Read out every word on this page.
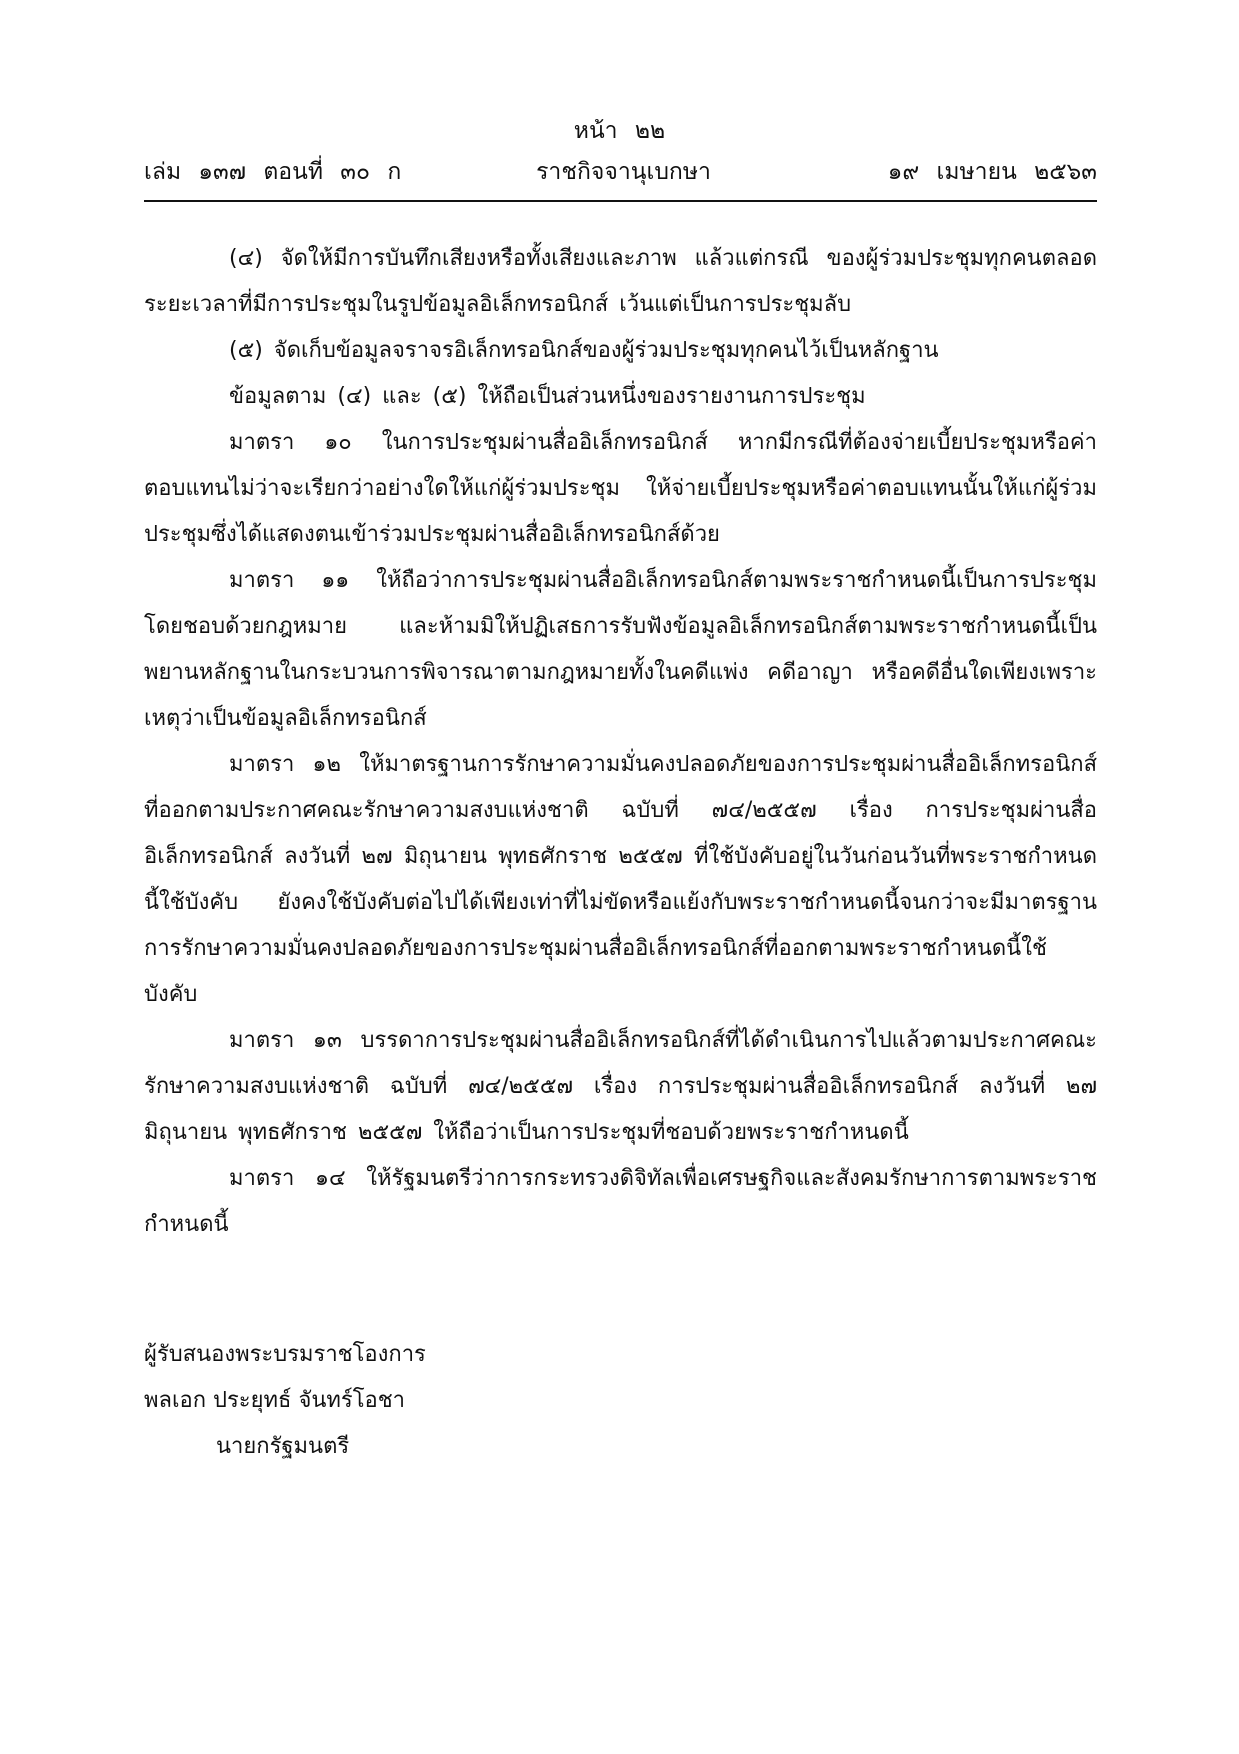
หน้า ๒๒
เล่ม ๑๓๗ ตอนที่ ๓๐ ก	ราชกิจจานุเบกษา	๑๙ เมษายน ๒๕๖๓

(๔) จัดให้มีการบันทึกเสียงหรือทั้งเสียงและภาพ แล้วแต่กรณี ของผู้ร่วมประชุมทุกคนตลอดระยะเวลาที่มีการประชุมในรูปข้อมูลอิเล็กทรอนิกส์ เว้นแต่เป็นการประชุมลับ

(๕) จัดเก็บข้อมูลจราจรอิเล็กทรอนิกส์ของผู้ร่วมประชุมทุกคนไว้เป็นหลักฐาน

ข้อมูลตาม (๔) และ (๕) ให้ถือเป็นส่วนหนึ่งของรายงานการประชุม

มาตรา ๑๐ ในการประชุมผ่านสื่ออิเล็กทรอนิกส์ หากมีกรณีที่ต้องจ่ายเบี้ยประชุมหรือค่าตอบแทนไม่ว่าจะเรียกว่าอย่างใดให้แก่ผู้ร่วมประชุม ให้จ่ายเบี้ยประชุมหรือค่าตอบแทนนั้นให้แก่ผู้ร่วมประชุมซึ่งได้แสดงตนเข้าร่วมประชุมผ่านสื่ออิเล็กทรอนิกส์ด้วย

มาตรา ๑๑ ให้ถือว่าการประชุมผ่านสื่ออิเล็กทรอนิกส์ตามพระราชกำหนดนี้เป็นการประชุมโดยชอบด้วยกฎหมาย และห้ามมิให้ปฏิเสธการรับฟังข้อมูลอิเล็กทรอนิกส์ตามพระราชกำหนดนี้เป็นพยานหลักฐานในกระบวนการพิจารณาตามกฎหมายทั้งในคดีแพ่ง คดีอาญา หรือคดีอื่นใดเพียงเพราะเหตุว่าเป็นข้อมูลอิเล็กทรอนิกส์

มาตรา ๑๒ ให้มาตรฐานการรักษาความมั่นคงปลอดภัยของการประชุมผ่านสื่ออิเล็กทรอนิกส์ที่ออกตามประกาศคณะรักษาความสงบแห่งชาติ ฉบับที่ ๗๔/๒๕๕๗ เรื่อง การประชุมผ่านสื่ออิเล็กทรอนิกส์ ลงวันที่ ๒๗ มิถุนายน พุทธศักราช ๒๕๕๗ ที่ใช้บังคับอยู่ในวันก่อนวันที่พระราชกำหนดนี้ใช้บังคับ ยังคงใช้บังคับต่อไปได้เพียงเท่าที่ไม่ขัดหรือแย้งกับพระราชกำหนดนี้จนกว่าจะมีมาตรฐานการรักษาความมั่นคงปลอดภัยของการประชุมผ่านสื่ออิเล็กทรอนิกส์ที่ออกตามพระราชกำหนดนี้ใช้บังคับ

มาตรา ๑๓ บรรดาการประชุมผ่านสื่ออิเล็กทรอนิกส์ที่ได้ดำเนินการไปแล้วตามประกาศคณะรักษาความสงบแห่งชาติ ฉบับที่ ๗๔/๒๕๕๗ เรื่อง การประชุมผ่านสื่ออิเล็กทรอนิกส์ ลงวันที่ ๒๗ มิถุนายน พุทธศักราช ๒๕๕๗ ให้ถือว่าเป็นการประชุมที่ชอบด้วยพระราชกำหนดนี้

มาตรา ๑๔ ให้รัฐมนตรีว่าการกระทรวงดิจิทัลเพื่อเศรษฐกิจและสังคมรักษาการตามพระราชกำหนดนี้

ผู้รับสนองพระบรมราชโองการ
พลเอก ประยุทธ์ จันทร์โอชา
นายกรัฐมนตรี
